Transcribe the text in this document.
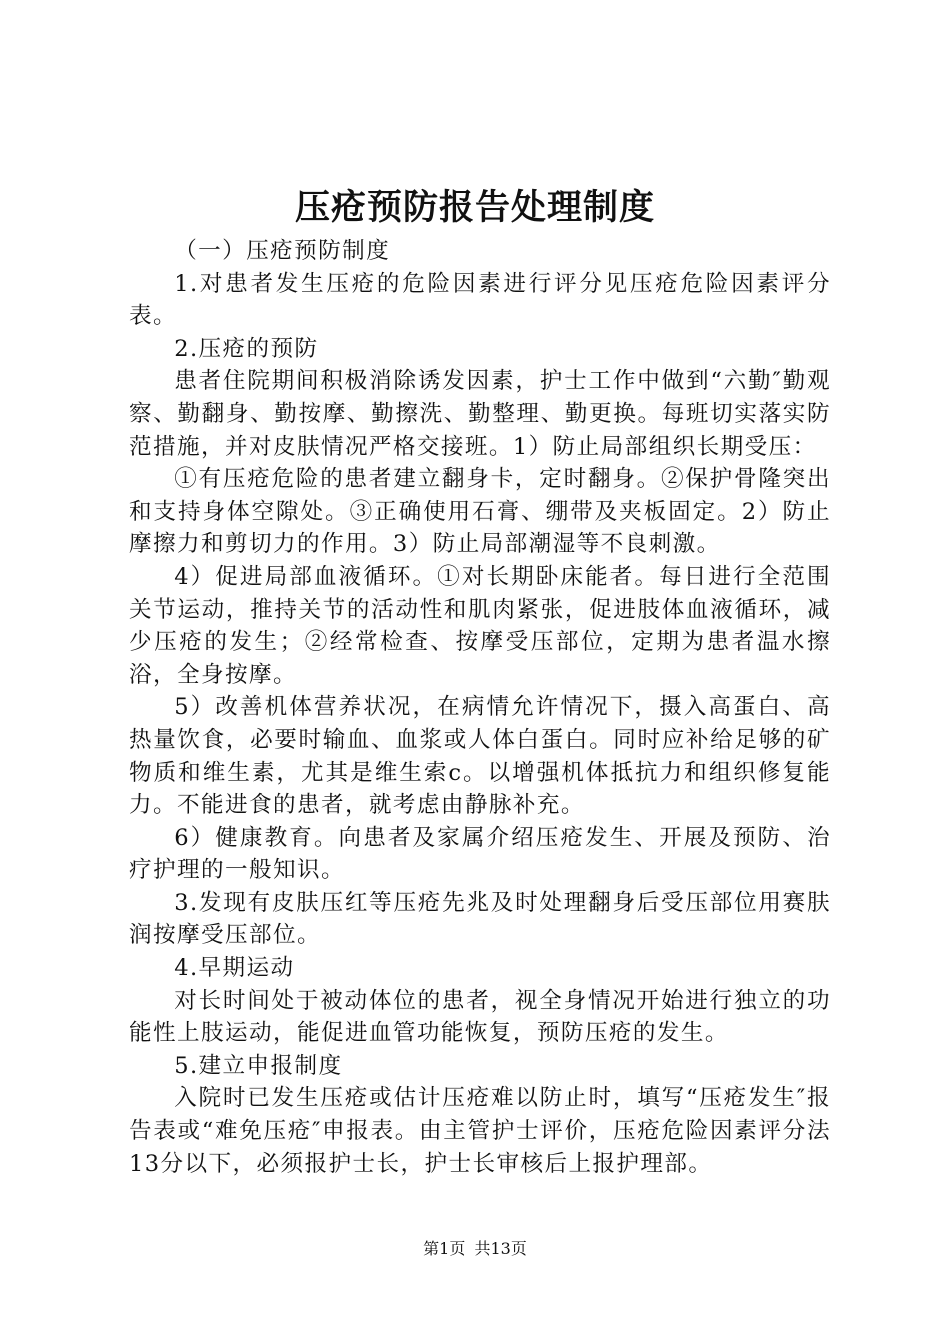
压疮预防报告处理制度

（一）压疮预防制度

1.对患者发生压疮的危险因素进行评分见压疮危险因素评分表。

2.压疮的预防

患者住院期间积极消除诱发因素，护士工作中做到“六勤″勤观察、勤翻身、勤按摩、勤擦洗、勤整理、勤更换。每班切实落实防范措施，并对皮肤情况严格交接班。1）防止局部组织长期受压：

①有压疮危险的患者建立翻身卡，定时翻身。②保护骨隆突出和支持身体空隙处。③正确使用石膏、绷带及夹板固定。2）防止摩擦力和剪切力的作用。3）防止局部潮湿等不良刺激。

4）促进局部血液循环。①对长期卧床能者。每日进行全范围关节运动，推持关节的活动性和肌肉紧张，促进肢体血液循环，减少压疮的发生；②经常检查、按摩受压部位，定期为患者温水擦浴，全身按摩。

5）改善机体营养状况，在病情允许情况下，摄入高蛋白、高热量饮食，必要时输血、血浆或人体白蛋白。同时应补给足够的矿物质和维生素，尤其是维生索c。以增强机体抵抗力和组织修复能力。不能进食的患者，就考虑由静脉补充。

6）健康教育。向患者及家属介绍压疮发生、开展及预防、治疗护理的一般知识。

3.发现有皮肤压红等压疮先兆及时处理翻身后受压部位用赛肤润按摩受压部位。

4.早期运动

对长时间处于被动体位的患者，视全身情况开始进行独立的功能性上肢运动，能促进血管功能恢复，预防压疮的发生。

5.建立申报制度

入院时已发生压疮或估计压疮难以防止时，填写“压疮发生″报告表或“难免压疮″申报表。由主管护士评价，压疮危险因素评分法13分以下，必须报护士长，护士长审核后上报护理部。

第1页 共13页
